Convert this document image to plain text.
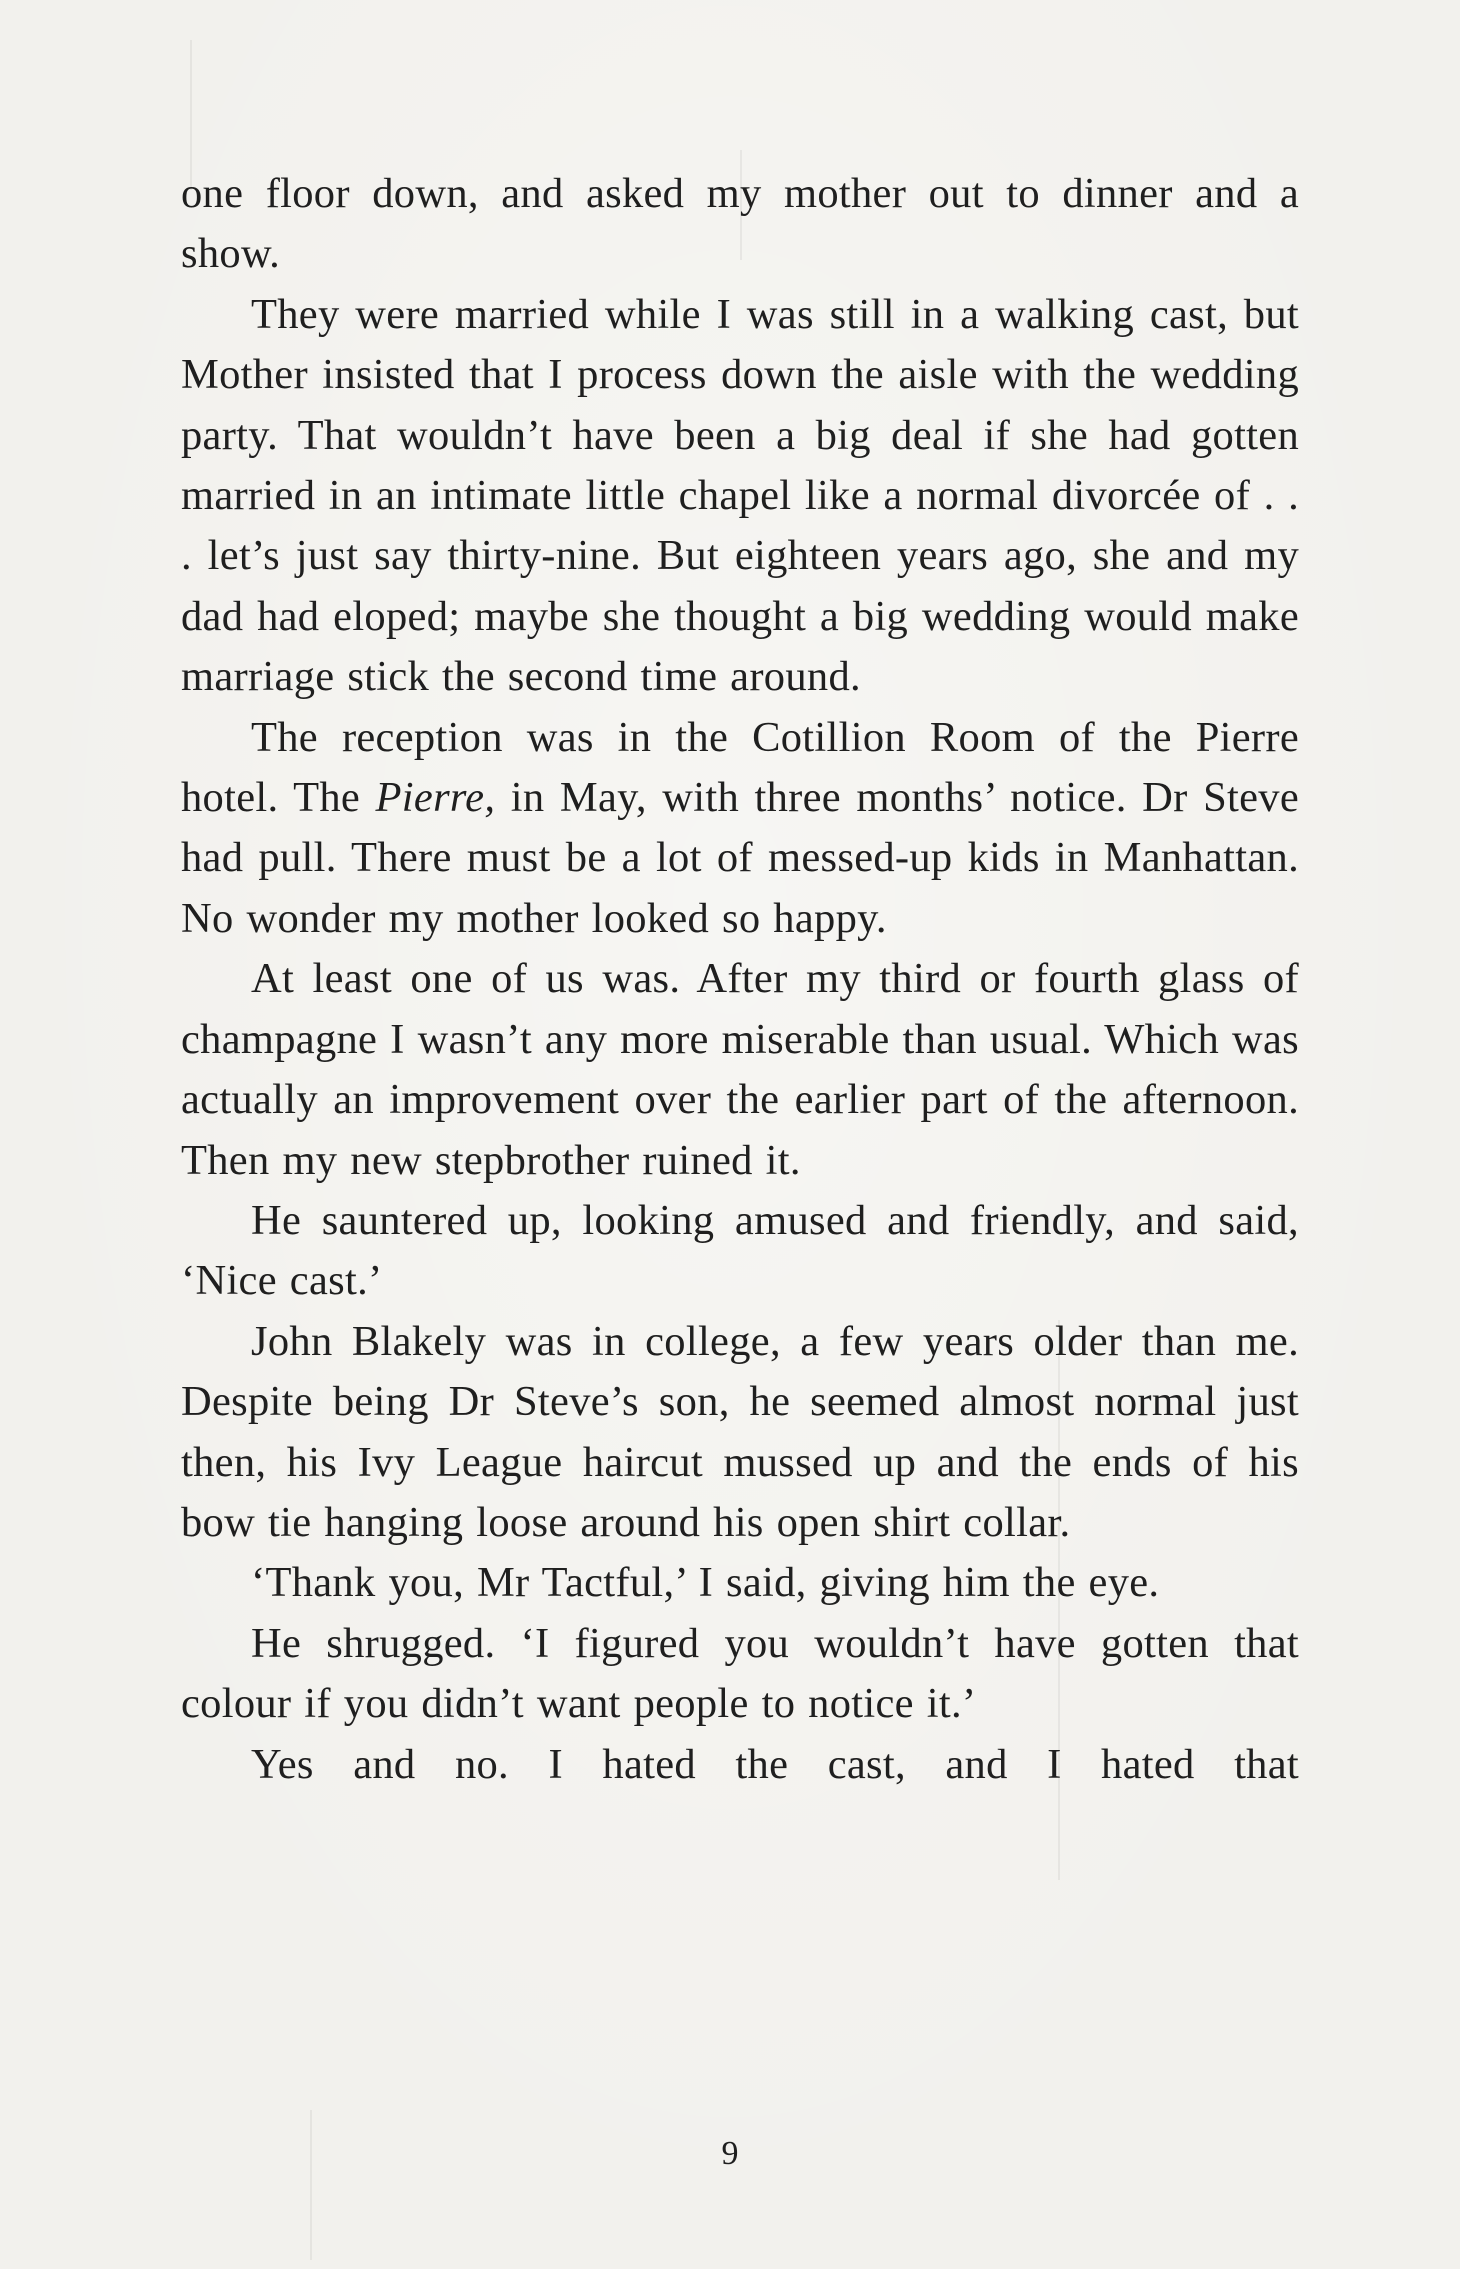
one floor down, and asked my mother out to dinner and a show.

They were married while I was still in a walking cast, but Mother insisted that I process down the aisle with the wedding party. That wouldn’t have been a big deal if she had gotten married in an intimate little chapel like a normal divorcée of . . . let’s just say thirty-nine. But eighteen years ago, she and my dad had eloped; maybe she thought a big wedding would make marriage stick the second time around.

The reception was in the Cotillion Room of the Pierre hotel. The Pierre, in May, with three months’ notice. Dr Steve had pull. There must be a lot of messed-up kids in Manhattan. No wonder my mother looked so happy.

At least one of us was. After my third or fourth glass of champagne I wasn’t any more miserable than usual. Which was actually an improvement over the earlier part of the afternoon. Then my new stepbrother ruined it.

He sauntered up, looking amused and friendly, and said, ‘Nice cast.’

John Blakely was in college, a few years older than me. Despite being Dr Steve’s son, he seemed almost normal just then, his Ivy League haircut mussed up and the ends of his bow tie hanging loose around his open shirt collar.

‘Thank you, Mr Tactful,’ I said, giving him the eye.

He shrugged. ‘I figured you wouldn’t have gotten that colour if you didn’t want people to notice it.’

Yes and no. I hated the cast, and I hated that

9
